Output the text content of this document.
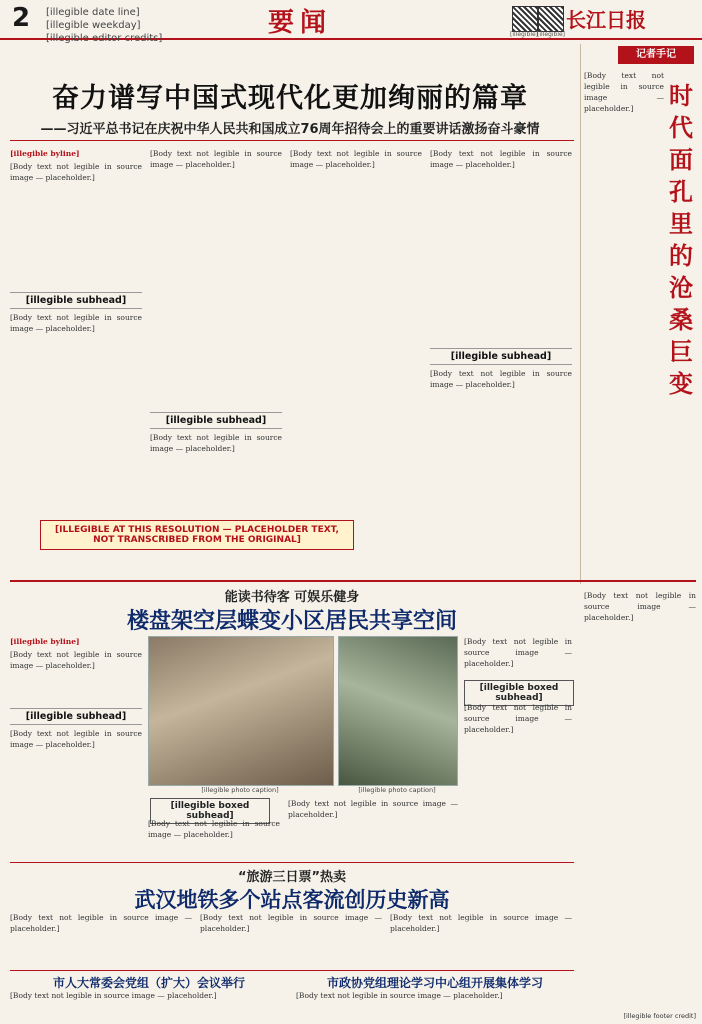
2 [illegible date line]
[illegible weekday]
[illegible editor credits]
要闻	[illegible]
[illegible]
长江日报
[ILLEGIBLE AT THIS RESOLUTION — PLACEHOLDER TEXT, NOT TRANSCRIBED FROM THE ORIGINAL]
奋力谱写中国式现代化更加绚丽的篇章
——习近平总书记在庆祝中华人民共和国成立76周年招待会上的重要讲话激扬奋斗豪情
[illegible byline]
[Body text not legible in source image — placeholder.]
[illegible subhead]
[Body text not legible in source image — placeholder.]
[Body text not legible in source image — placeholder.]
[illegible subhead]
[Body text not legible in source image — placeholder.]
[Body text not legible in source image — placeholder.]
[Body text not legible in source image — placeholder.]
[illegible subhead]
[Body text not legible in source image — placeholder.]
记者手记
时代面孔里的沧桑巨变
[Body text not legible in source image — placeholder.]
能读书待客 可娱乐健身
楼盘架空层蝶变小区居民共享空间
[illegible byline]
[Body text not legible in source image — placeholder.]
[illegible subhead]
[Body text not legible in source image — placeholder.]
[illegible photo caption]	[illegible photo caption]
[illegible boxed subhead]
[Body text not legible in source image — placeholder.]
[Body text not legible in source image — placeholder.]
[illegible boxed subhead]
[Body text not legible in source image — placeholder.]
[Body text not legible in source image — placeholder.]
“旅游三日票”热卖
武汉地铁多个站点客流创历史新高
[Body text not legible in source image — placeholder.]
[Body text not legible in source image — placeholder.]
[Body text not legible in source image — placeholder.]
市人大常委会党组（扩大）会议举行
[Body text not legible in source image — placeholder.]
市政协党组理论学习中心组开展集体学习
[Body text not legible in source image — placeholder.]
[Body text not legible in source image — placeholder.]
[illegible footer credit]
